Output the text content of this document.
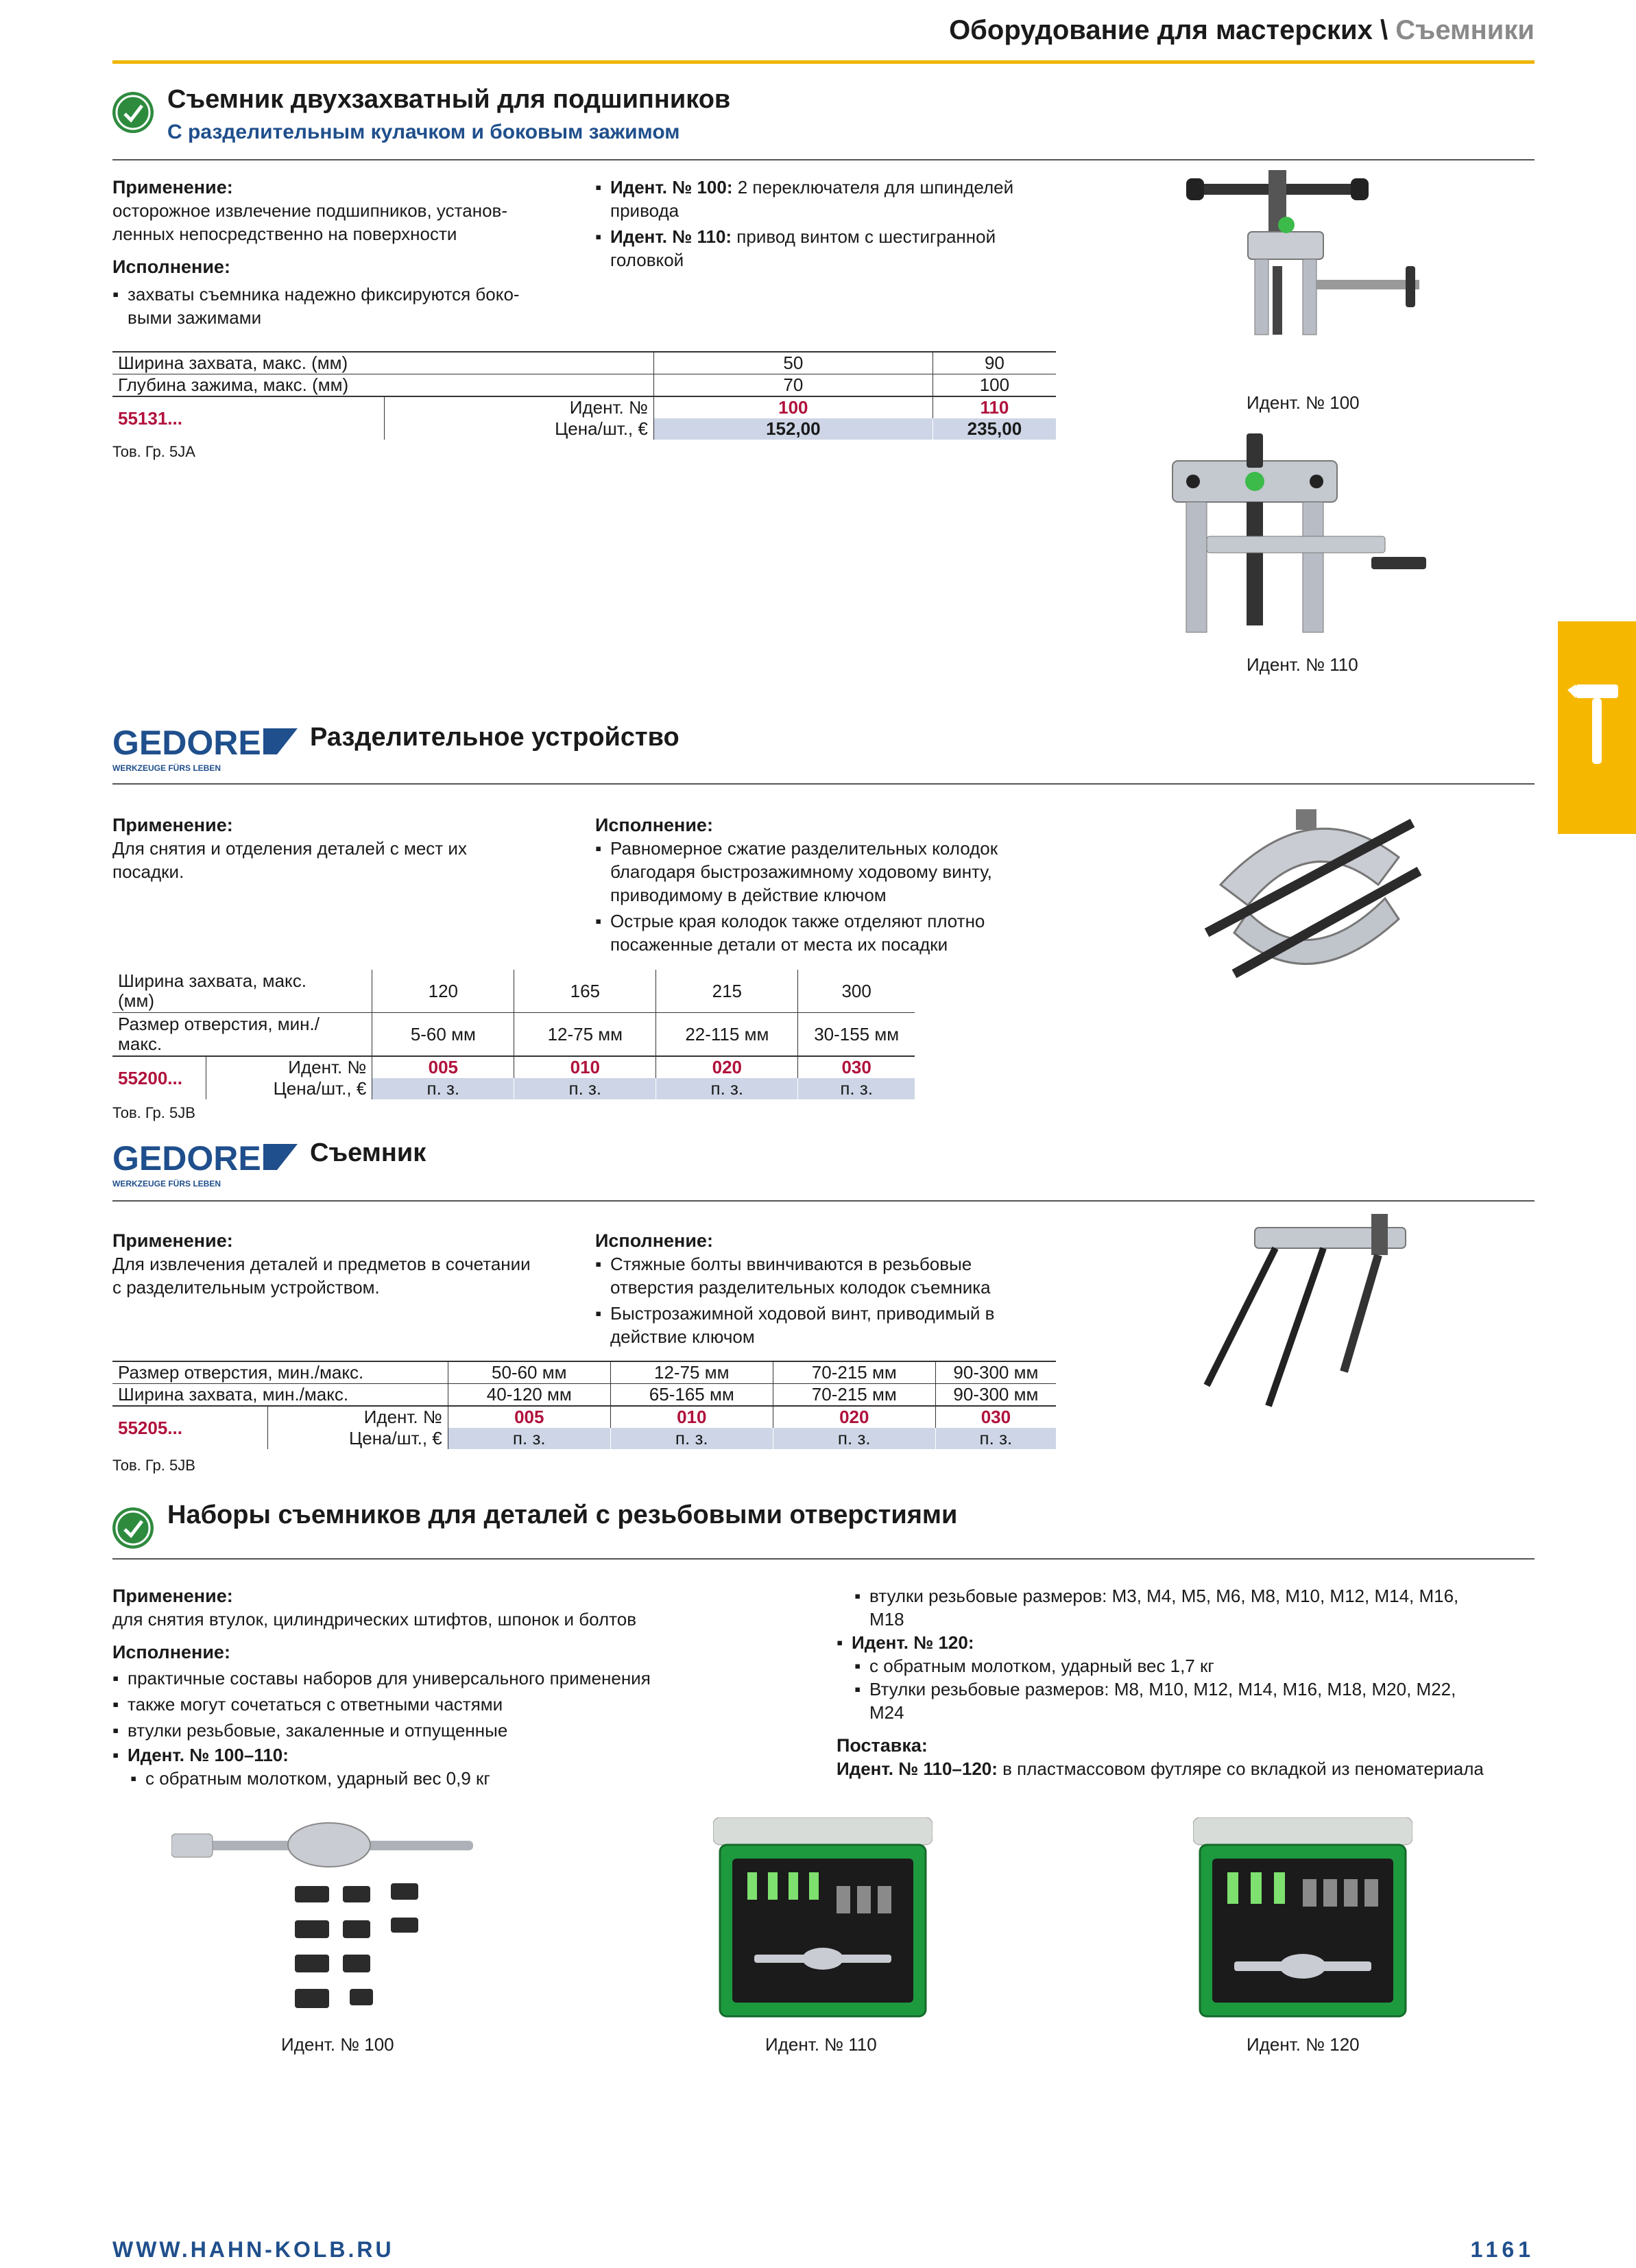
Оборудование для мастерских \ Съемники
Съемник двухзахватный для подшипников
С разделительным кулачком и боковым зажимом
Применение:
осторожное извлечение подшипников, установ-
ленных непосредственно на поверхности
Исполнение:
▪ захваты съемника надежно фиксируются боко-
выми зажимами
▪ Идент. № 100: 2 переключателя для шпинделей
привода
▪ Идент. № 110: привод винтом с шестигранной
головкой
Ширина захвата, макс. (мм)		50	90
Глубина зажима, макс. (мм)		70	100
55131...	Идент. №	100	110
	Цена/шт., €	152,00	235,00
Тов. Гр. 5JA
Идент. № 100
Идент. № 110
GEDORE
WERKZEUGE FÜRS LEBEN
Разделительное устройство
Применение:
Для снятия и отделения деталей с мест их
посадки.
Исполнение:
▪ Равномерное сжатие разделительных колодок
благодаря быстрозажимному ходовому винту,
приводимому в действие ключом
▪ Острые края колодок также отделяют плотно
посаженные детали от места их посадки
Ширина захвата, макс.
(мм)		120	165	215	300

Размер отверстия, мин./
макс.		5-60 мм	12-75 мм	22-115 мм	30-155 мм
55200...	Идент. №	005	010	020	030
	Цена/шт., €	п. з.	п. з.	п. з.	п. з.
Тов. Гр. 5JB
GEDORE
WERKZEUGE FÜRS LEBEN
Съемник
Применение:
Для извлечения деталей и предметов в сочетании
с разделительным устройством.
Исполнение:
▪ Стяжные болты ввинчиваются в резьбовые
отверстия разделительных колодок съемника
▪ Быстрозажимной ходовой винт, приводимый в
действие ключом
Размер отверстия, мин./макс.		50-60 мм	12-75 мм	70-215 мм	90-300 мм
Ширина захвата, мин./макс.		40-120 мм	65-165 мм	70-215 мм	90-300 мм
55205...	Идент. №	005	010	020	030
	Цена/шт., €	п. з.	п. з.	п. з.	п. з.
Тов. Гр. 5JB
Наборы съемников для деталей с резьбовыми отверстиями
Применение:
для снятия втулок, цилиндрических штифтов, шпонок и болтов
Исполнение:
▪ практичные составы наборов для универсального применения
▪ также могут сочетаться с ответными частями
▪ втулки резьбовые, закаленные и отпущенные
▪ Идент. № 100–110:
▪ с обратным молотком, ударный вес 0,9 кг
▪ втулки резьбовые размеров: M3, M4, M5, M6, M8, M10, M12, M14, M16,
M18
▪ Идент. № 120:
▪ с обратным молотком, ударный вес 1,7 кг
▪ Втулки резьбовые размеров: M8, M10, M12, M14, M16, M18, M20, M22,
M24
Поставка:
Идент. № 110–120: в пластмассовом футляре со вкладкой из пеноматериала
Идент. № 100	Идент. № 110	Идент. № 120
WWW.HAHN-KOLB.RU	1161
